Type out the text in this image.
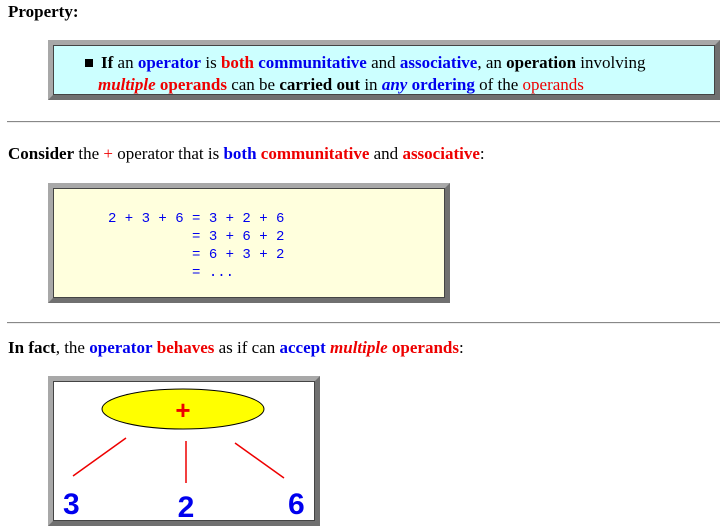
Property:
If an operator is both communitative and associative, an operation involving
multiple operands can be carried out in any ordering of the operands
Consider the + operator that is both communitative and associative:
2 + 3 + 6 = 3 + 2 + 6
= 3 + 6 + 2
= 6 + 3 + 2
= ...
In fact, the operator behaves as if can accept multiple operands:
+
3	2	6
